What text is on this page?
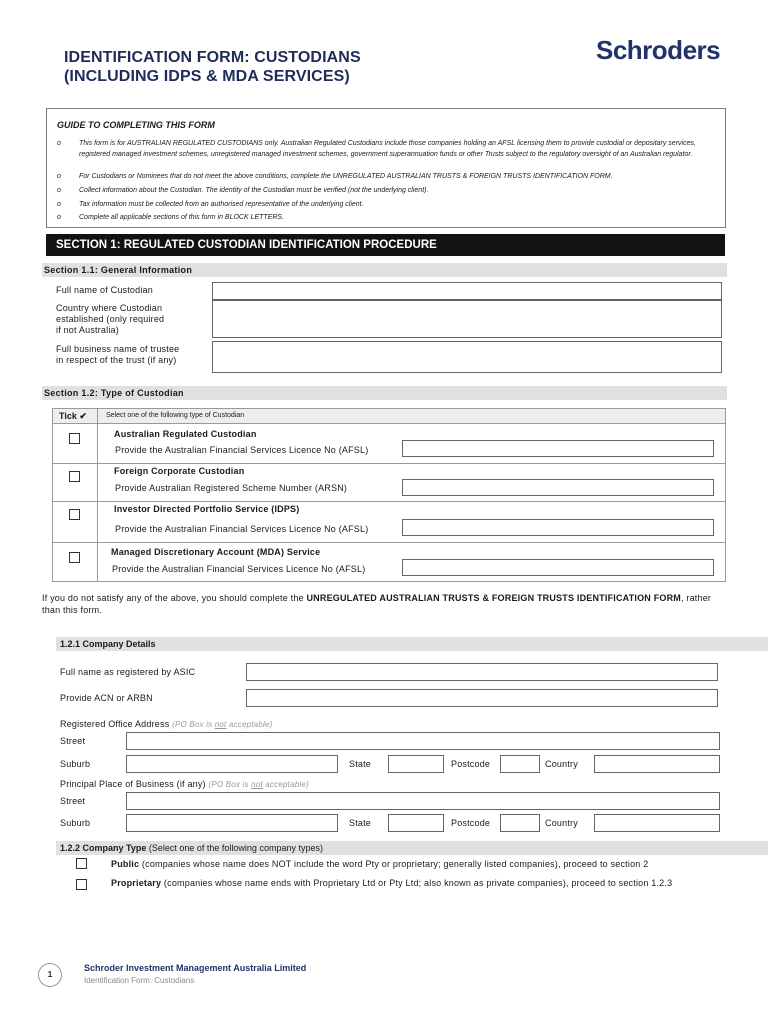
IDENTIFICATION FORM: CUSTODIANS
(INCLUDING IDPS & MDA SERVICES)
Schroders
GUIDE TO COMPLETING THIS FORM
o	This form is for AUSTRALIAN REGULATED CUSTODIANS only. Australian Regulated Custodians include those companies holding an AFSL licensing them to provide custodial or depositary services, registered managed investment schemes, unregistered managed investment schemes, government superannuation funds or other Trusts subject to the regulatory oversight of an Australian regulator.
o	For Custodians or Nominees that do not meet the above conditions, complete the UNREGULATED AUSTRALIAN TRUSTS & FOREIGN TRUSTS IDENTIFICATION FORM.
o	Collect information about the Custodian. The identity of the Custodian must be verified (not the underlying client).
o	Tax information must be collected from an authorised representative of the underlying client.
o	Complete all applicable sections of this form in BLOCK LETTERS.
SECTION 1: REGULATED CUSTODIAN IDENTIFICATION PROCEDURE
Section 1.1: General Information
Full name of Custodian
Country where Custodian
established (only required
if not Australia)
Full business name of trustee
in respect of the trust (if any)
Section 1.2: Type of Custodian
Tick ✔	Select one of the following type of Custodian
Australian Regulated Custodian
Provide the Australian Financial Services Licence No (AFSL)
Foreign Corporate Custodian
Provide Australian Registered Scheme Number (ARSN)
Investor Directed Portfolio Service (IDPS)
Provide the Australian Financial Services Licence No (AFSL)
Managed Discretionary Account (MDA) Service
Provide the Australian Financial Services Licence No (AFSL)
If you do not satisfy any of the above, you should complete the UNREGULATED AUSTRALIAN TRUSTS & FOREIGN TRUSTS IDENTIFICATION FORM, rather than this form.
1.2.1 Company Details
Full name as registered by ASIC
Provide ACN or ARBN
Registered Office Address (PO Box is not acceptable)
Street
Suburb	State	Postcode	Country
Principal Place of Business (if any) (PO Box is not acceptable)
Street
Suburb	State	Postcode	Country
1.2.2 Company Type (Select one of the following company types)
Public (companies whose name does NOT include the word Pty or proprietary; generally listed companies), proceed to section 2
Proprietary (companies whose name ends with Proprietary Ltd or Pty Ltd; also known as private companies), proceed to section 1.2.3
1
Schroder Investment Management Australia Limited
Identification Form: Custodians
